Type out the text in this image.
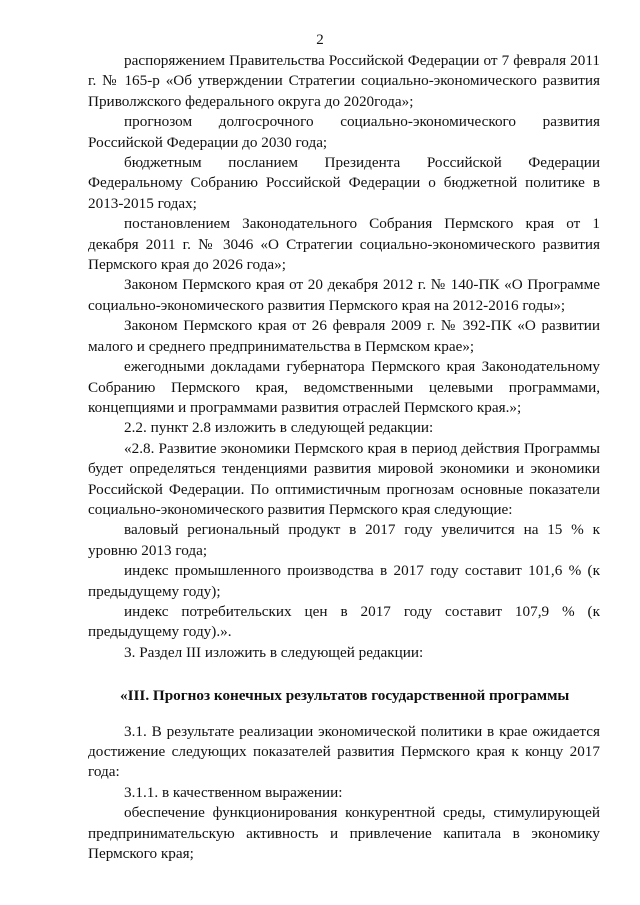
2

распоряжением Правительства Российской Федерации от 7 февраля 2011 г. № 165-р «Об утверждении Стратегии социально-экономического развития Приволжского федерального округа до 2020года»;

прогнозом долгосрочного социально-экономического развития Российской Федерации до 2030 года;

бюджетным посланием Президента Российской Федерации Федеральному Собранию Российской Федерации о бюджетной политике в 2013-2015 годах;

постановлением Законодательного Собрания Пермского края от 1 декабря 2011 г. № 3046 «О Стратегии социально-экономического развития Пермского края до 2026 года»;

Законом Пермского края от 20 декабря 2012 г. № 140-ПК «О Программе социально-экономического развития Пермского края на 2012-2016 годы»;

Законом Пермского края от 26 февраля 2009 г. № 392-ПК «О развитии малого и среднего предпринимательства в Пермском крае»;

ежегодными докладами губернатора Пермского края Законодательному Собранию Пермского края, ведомственными целевыми программами, концепциями и программами развития отраслей Пермского края.»;

2.2. пункт 2.8 изложить в следующей редакции:

«2.8. Развитие экономики Пермского края в период действия Программы будет определяться тенденциями развития мировой экономики и экономики Российской Федерации. По оптимистичным прогнозам основные показатели социально-экономического развития Пермского края следующие:

валовый региональный продукт в 2017 году увеличится на 15 % к уровню 2013 года;

индекс промышленного производства в 2017 году составит 101,6 % (к предыдущему году);

индекс потребительских цен в 2017 году составит 107,9 % (к предыдущему году).».

3. Раздел III изложить в следующей редакции:

«III. Прогноз конечных результатов государственной программы

3.1. В результате реализации экономической политики в крае ожидается достижение следующих показателей развития Пермского края к концу 2017 года:

3.1.1. в качественном выражении:

обеспечение функционирования конкурентной среды, стимулирующей предпринимательскую активность и привлечение капитала в экономику Пермского края;
